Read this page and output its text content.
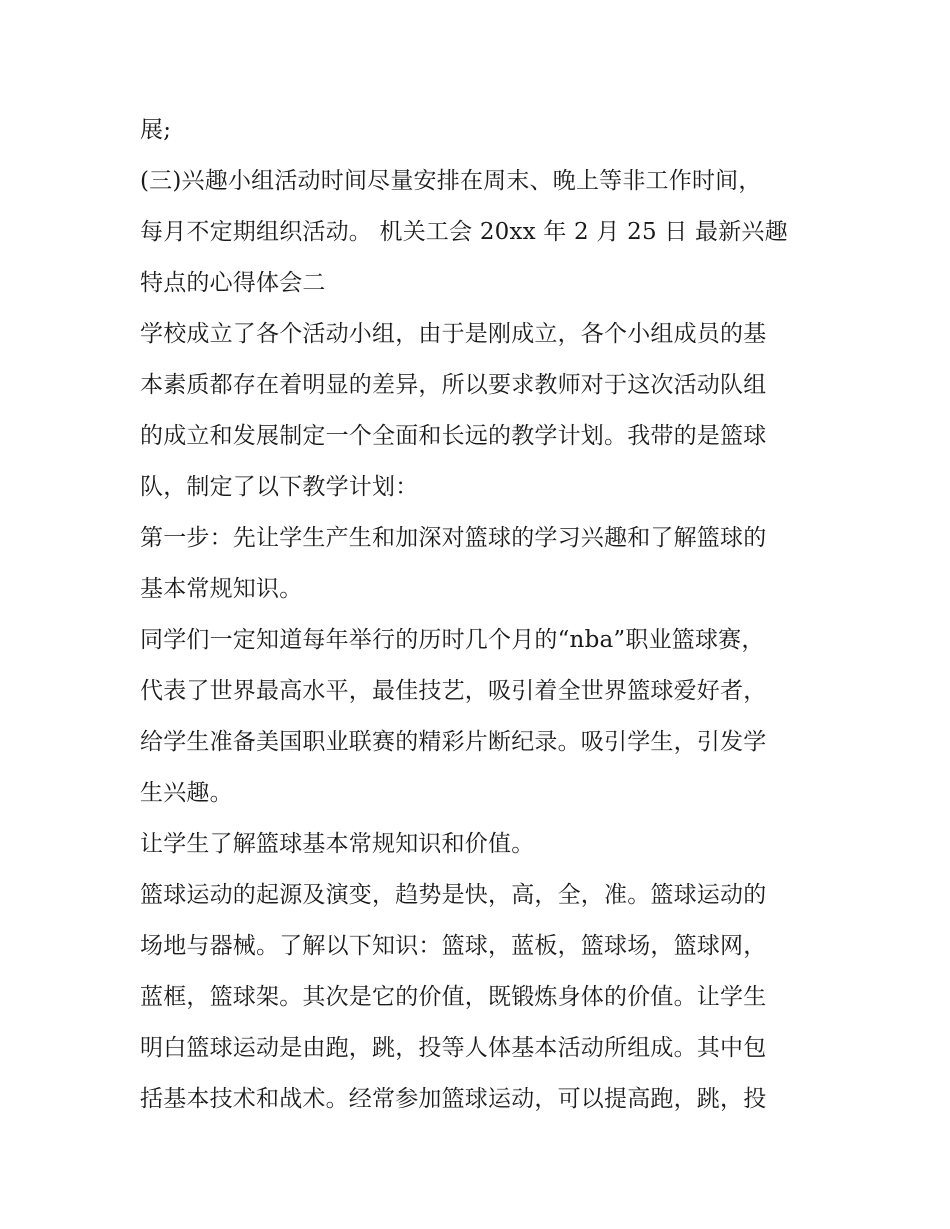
展;
(三)兴趣小组活动时间尽量安排在周末、晚上等非工作时间，
每月不定期组织活动。 机关工会 20xx 年 2 月 25 日 最新兴趣
特点的心得体会二
学校成立了各个活动小组，由于是刚成立，各个小组成员的基
本素质都存在着明显的差异，所以要求教师对于这次活动队组
的成立和发展制定一个全面和长远的教学计划。我带的是篮球
队，制定了以下教学计划：
第一步：先让学生产生和加深对篮球的学习兴趣和了解篮球的
基本常规知识。
同学们一定知道每年举行的历时几个月的“nba”职业篮球赛，
代表了世界最高水平，最佳技艺，吸引着全世界篮球爱好者，
给学生准备美国职业联赛的精彩片断纪录。吸引学生，引发学
生兴趣。
让学生了解篮球基本常规知识和价值。
篮球运动的起源及演变，趋势是快，高，全，准。篮球运动的
场地与器械。了解以下知识：篮球，蓝板，篮球场，篮球网，
蓝框，篮球架。其次是它的价值，既锻炼身体的价值。让学生
明白篮球运动是由跑，跳，投等人体基本活动所组成。其中包
括基本技术和战术。经常参加篮球运动，可以提高跑，跳，投
